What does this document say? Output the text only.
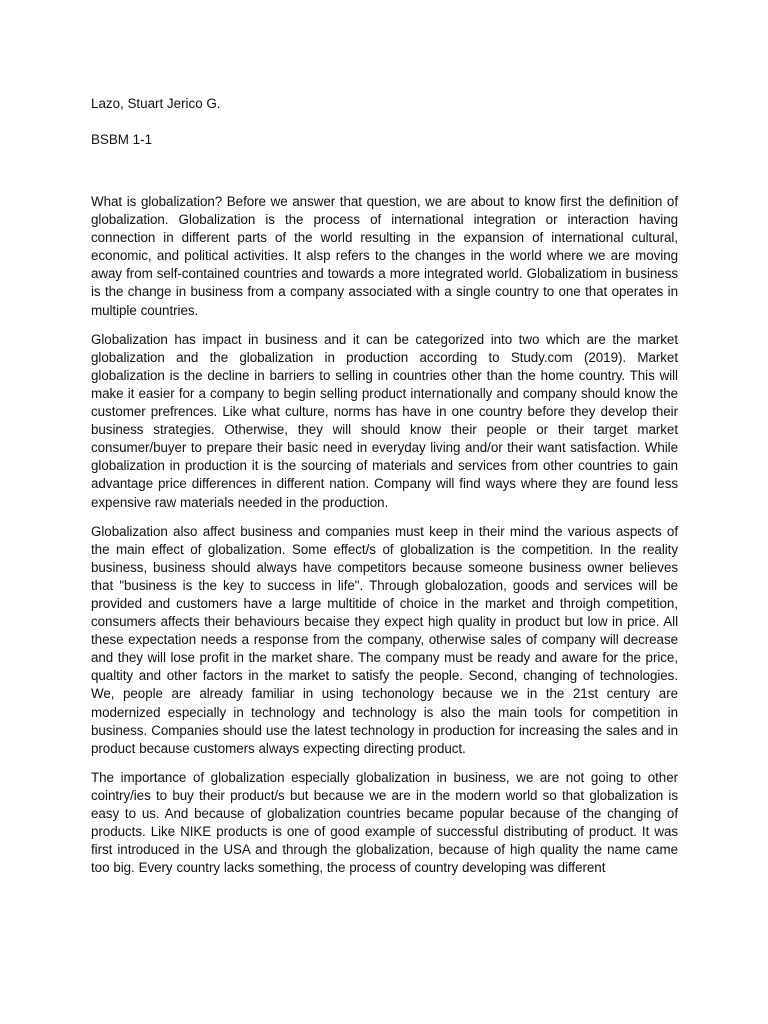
Lazo, Stuart Jerico G.

BSBM 1-1

What is globalization? Before we answer that question, we are about to know first the definition of globalization. Globalization is the process of international integration or interaction having connection in different parts of the world resulting in the expansion of international cultural, economic, and political activities. It alsp refers to the changes in the world where we are moving away from self-contained countries and towards a more integrated world. Globalizatiom in business is the change in business from a company associated with a single country to one that operates in multiple countries.

Globalization has impact in business and it can be categorized into two which are the market globalization and the globalization in production according to Study.com (2019). Market globalization is the decline in barriers to selling in countries other than the home country. This will make it easier for a company to begin selling product internationally and company should know the customer prefrences. Like what culture, norms has have in one country before they develop their business strategies. Otherwise, they will should know their people or their target market consumer/buyer to prepare their basic need in everyday living and/or their want satisfaction. While globalization in production it is the sourcing of materials and services from other countries to gain advantage price differences in different nation. Company will find ways where they are found less expensive raw materials needed in the production.

Globalization also affect business and companies must keep in their mind the various aspects of the main effect of globalization. Some effect/s of globalization is the competition. In the reality business, business should always have competitors because someone business owner believes that "business is the key to success in life". Through globalozation, goods and services will be provided and customers have a large multitide of choice in the market and throigh competition, consumers affects their behaviours becaise they expect high quality in product but low in price. All these expectation needs a response from the company, otherwise sales of company will decrease and they will lose profit in the market share. The company must be ready and aware for the price, qualtity and other factors in the market to satisfy the people. Second, changing of technologies. We, people are already familiar in using techonology because we in the 21st century are modernized especially in technology and technology is also the main tools for competition in business. Companies should use the latest technology in production for increasing the sales and in product because customers always expecting directing product.

The importance of globalization especially globalization in business, we are not going to other cointry/ies to buy their product/s but because we are in the modern world so that globalization is easy to us. And because of globalization countries became popular because of the changing of products. Like NIKE products is one of good example of successful distributing of product. It was first introduced in the USA and through the globalization, because of high quality the name came too big. Every country lacks something, the process of country developing was different
